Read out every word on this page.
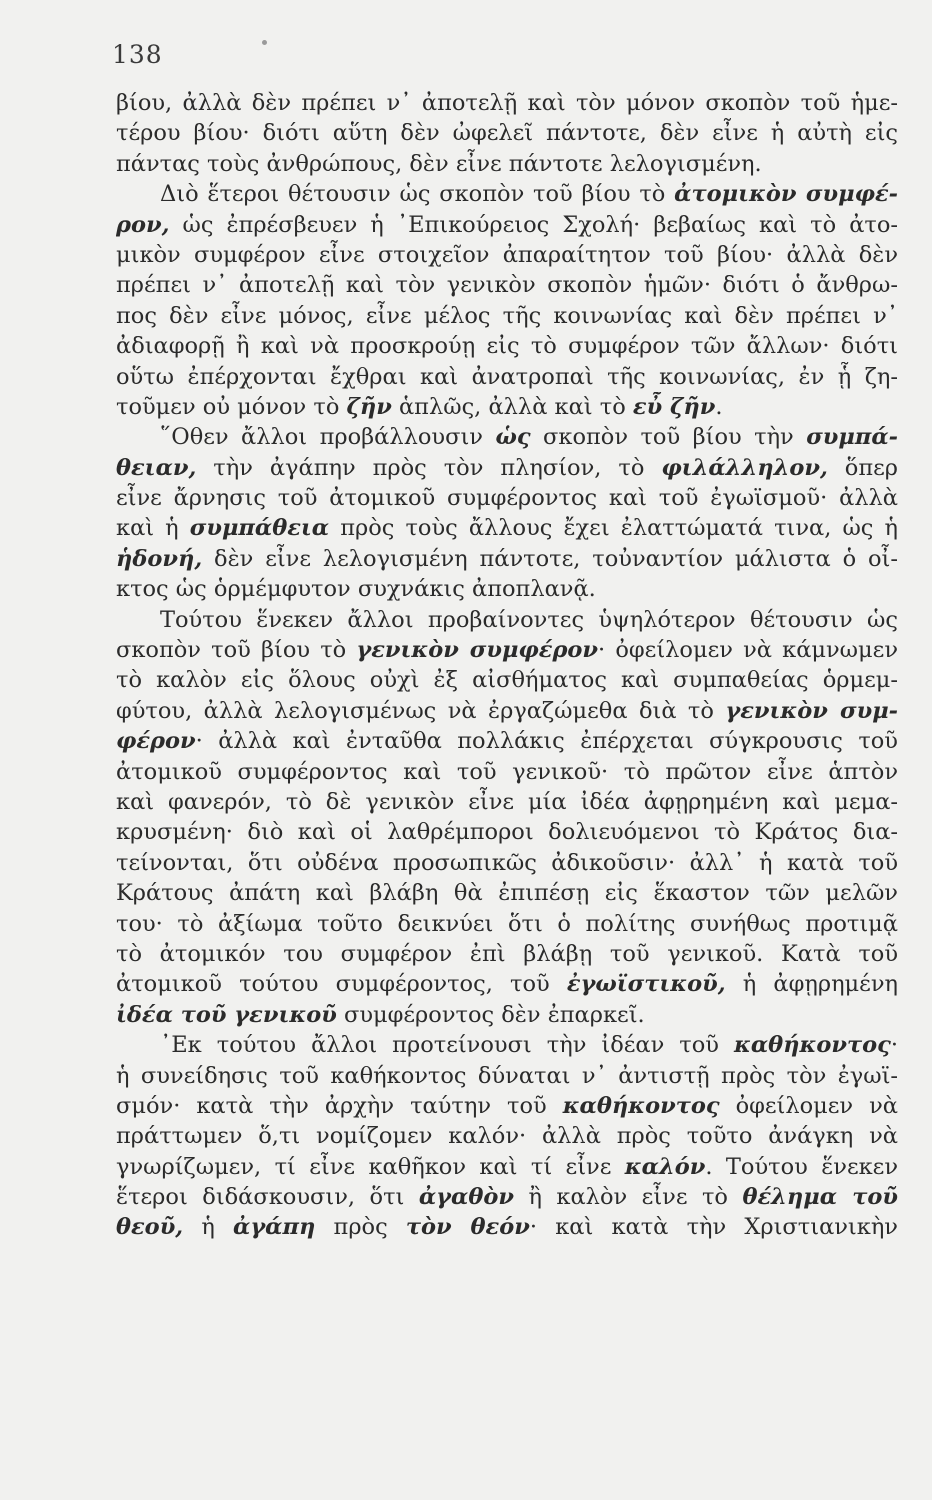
138
βίου, ἀλλὰ δὲν πρέπει ν᾽ ἀποτελῇ καὶ τὸν μόνον σκοπὸν τοῦ ἡμε-
τέρου βίου· διότι αὕτη δὲν ὠφελεῖ πάντοτε, δὲν εἶνε ἡ αὐτὴ εἰς
πάντας τοὺς ἀνθρώπους, δὲν εἶνε πάντοτε λελογισμένη.
Διὸ ἕτεροι θέτουσιν ὡς σκοπὸν τοῦ βίου τὸ ἀτομικὸν συμφέ-
ρον, ὡς ἐπρέσβευεν ἡ ᾿Επικούρειος Σχολή· βεβαίως καὶ τὸ ἀτο-
μικὸν συμφέρον εἶνε στοιχεῖον ἀπαραίτητον τοῦ βίου· ἀλλὰ δὲν
πρέπει ν᾽ ἀποτελῇ καὶ τὸν γενικὸν σκοπὸν ἡμῶν· διότι ὁ ἄνθρω-
πος δὲν εἶνε μόνος, εἶνε μέλος τῆς κοινωνίας καὶ δὲν πρέπει ν᾽
ἀδιαφορῇ ἢ καὶ νὰ προσκρούῃ εἰς τὸ συμφέρον τῶν ἄλλων· διότι
οὕτω ἐπέρχονται ἔχθραι καὶ ἀνατροπαὶ τῆς κοινωνίας, ἐν ᾗ ζη-
τοῦμεν οὐ μόνον τὸ ζῆν ἁπλῶς, ἀλλὰ καὶ τὸ εὖ ζῆν.
῞Οθεν ἄλλοι προβάλλουσιν ὡς σκοπὸν τοῦ βίου τὴν συμπά-
θειαν, τὴν ἀγάπην πρὸς τὸν πλησίον, τὸ φιλάλληλον, ὅπερ
εἶνε ἄρνησις τοῦ ἀτομικοῦ συμφέροντος καὶ τοῦ ἐγωϊσμοῦ· ἀλλὰ
καὶ ἡ συμπάθεια πρὸς τοὺς ἄλλους ἔχει ἐλαττώματά τινα, ὡς ἡ
ἡδονή, δὲν εἶνε λελογισμένη πάντοτε, τοὐναντίον μάλιστα ὁ οἶ-
κτος ὡς ὁρμέμφυτον συχνάκις ἀποπλανᾷ.
Τούτου ἕνεκεν ἄλλοι προβαίνοντες ὑψηλότερον θέτουσιν ὡς
σκοπὸν τοῦ βίου τὸ γενικὸν συμφέρον· ὀφείλομεν νὰ κάμνωμεν
τὸ καλὸν εἰς ὅλους οὐχὶ ἐξ αἰσθήματος καὶ συμπαθείας ὁρμεμ-
φύτου, ἀλλὰ λελογισμένως νὰ ἐργαζώμεθα διὰ τὸ γενικὸν συμ-
φέρον· ἀλλὰ καὶ ἐνταῦθα πολλάκις ἐπέρχεται σύγκρουσις τοῦ
ἀτομικοῦ συμφέροντος καὶ τοῦ γενικοῦ· τὸ πρῶτον εἶνε ἁπτὸν
καὶ φανερόν, τὸ δὲ γενικὸν εἶνε μία ἰδέα ἀφῃρημένη καὶ μεμα-
κρυσμένη· διὸ καὶ οἱ λαθρέμποροι δολιευόμενοι τὸ Κράτος δια-
τείνονται, ὅτι οὐδένα προσωπικῶς ἀδικοῦσιν· ἀλλ᾽ ἡ κατὰ τοῦ
Κράτους ἀπάτη καὶ βλάβη θὰ ἐπιπέσῃ εἰς ἕκαστον τῶν μελῶν
του· τὸ ἀξίωμα τοῦτο δεικνύει ὅτι ὁ πολίτης συνήθως προτιμᾷ
τὸ ἀτομικόν του συμφέρον ἐπὶ βλάβῃ τοῦ γενικοῦ. Κατὰ τοῦ
ἀτομικοῦ τούτου συμφέροντος, τοῦ ἐγωϊστικοῦ, ἡ ἀφῃρημένη
ἰδέα τοῦ γενικοῦ συμφέροντος δὲν ἐπαρκεῖ.
᾿Εκ τούτου ἄλλοι προτείνουσι τὴν ἰδέαν τοῦ καθήκοντος·
ἡ συνείδησις τοῦ καθήκοντος δύναται ν᾽ ἀντιστῇ πρὸς τὸν ἐγωϊ-
σμόν· κατὰ τὴν ἀρχὴν ταύτην τοῦ καθήκοντος ὀφείλομεν νὰ
πράττωμεν ὅ,τι νομίζομεν καλόν· ἀλλὰ πρὸς τοῦτο ἀνάγκη νὰ
γνωρίζωμεν, τί εἶνε καθῆκον καὶ τί εἶνε καλόν. Τούτου ἕνεκεν
ἕτεροι διδάσκουσιν, ὅτι ἀγαθὸν ἢ καλὸν εἶνε τὸ θέλημα τοῦ
θεοῦ, ἡ ἀγάπη πρὸς τὸν θεόν· καὶ κατὰ τὴν Χριστιανικὴν
